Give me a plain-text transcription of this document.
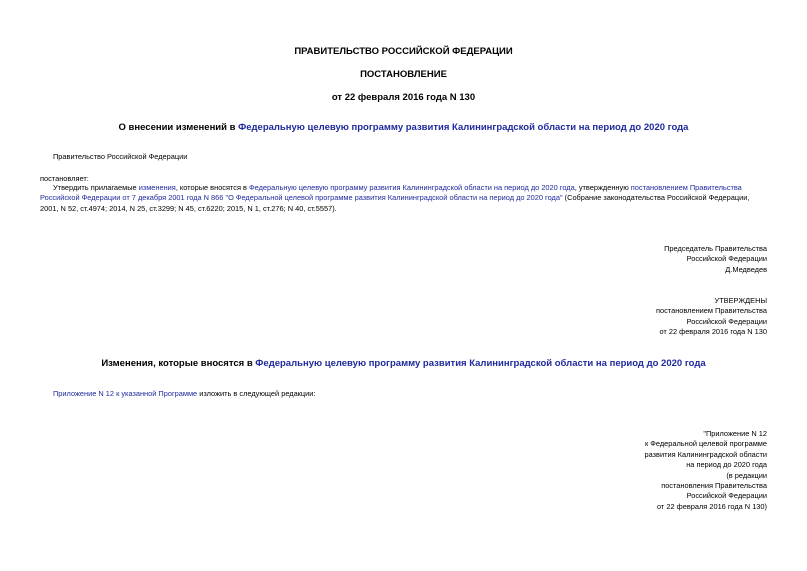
ПРАВИТЕЛЬСТВО РОССИЙСКОЙ ФЕДЕРАЦИИ
ПОСТАНОВЛЕНИЕ
от 22 февраля 2016 года N 130
О внесении изменений в Федеральную целевую программу развития Калининградской области на период до 2020 года
Правительство Российской Федерации
постановляет:
Утвердить прилагаемые изменения, которые вносятся в Федеральную целевую программу развития Калининградской области на период до 2020 года, утвержденную постановлением Правительства Российской Федерации от 7 декабря 2001 года N 866 "О Федеральной целевой программе развития Калининградской области на период до 2020 года" (Собрание законодательства Российской Федерации, 2001, N 52, ст.4974; 2014, N 25, ст.3299; N 45, ст.6220; 2015, N 1, ст.276; N 40, ст.5557).
Председатель Правительства
Российской Федерации
Д.Медведев
УТВЕРЖДЕНЫ
постановлением Правительства
Российской Федерации
от 22 февраля 2016 года N 130
Изменения, которые вносятся в Федеральную целевую программу развития Калининградской области на период до 2020 года
Приложение N 12 к указанной Программе изложить в следующей редакции:
"Приложение N 12
к Федеральной целевой программе
развития Калининградской области
на период до 2020 года
(в редакции
постановления Правительства
Российской Федерации
от 22 февраля 2016 года N 130)
